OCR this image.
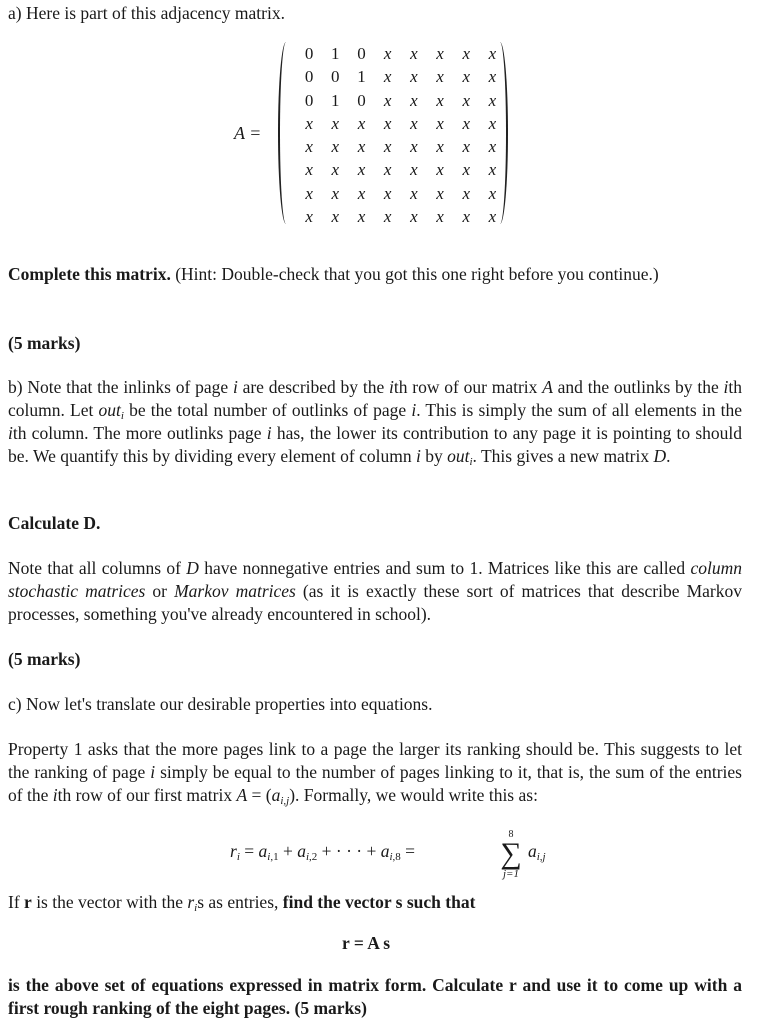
a) Here is part of this adjacency matrix.
A =
0	1	0	x	x	x	x	x
0	0	1	x	x	x	x	x
0	1	0	x	x	x	x	x
x	x	x	x	x	x	x	x
x	x	x	x	x	x	x	x
x	x	x	x	x	x	x	x
x	x	x	x	x	x	x	x
x	x	x	x	x	x	x	x
Complete this matrix. (Hint: Double-check that you got this one right before you continue.)
(5 marks)
b) Note that the inlinks of page i are described by the ith row of our matrix A and the outlinks by the ith column. Let out$_i$ be the total number of outlinks of page i. This is simply the sum of all elements in the ith column. The more outlinks page i has, the lower its contribution to any page it is pointing to should be. We quantify this by dividing every element of column i by out$_i$. This gives a new matrix D.
Calculate D.
Note that all columns of D have nonnegative entries and sum to 1. Matrices like this are called column stochastic matrices or Markov matrices (as it is exactly these sort of matrices that describe Markov processes, something you've already encountered in school).
(5 marks)
c) Now let's translate our desirable properties into equations.
Property 1 asks that the more pages link to a page the larger its ranking should be. This suggests to let the ranking of page i simply be equal to the number of pages linking to it, that is, the sum of the entries of the ith row of our first matrix $A = (a_{i,j})$. Formally, we would write this as:
$r_i = a_{i,1} + a_{i,2}$ + · · · + $a_{i,8}$ =
8
∑
j=1
$a_{i,j}$
If r is the vector with the $r_is$ as entries, find the vector s such that
r = A s
is the above set of equations expressed in matrix form. Calculate r and use it to come up with a first rough ranking of the eight pages. (5 marks)
